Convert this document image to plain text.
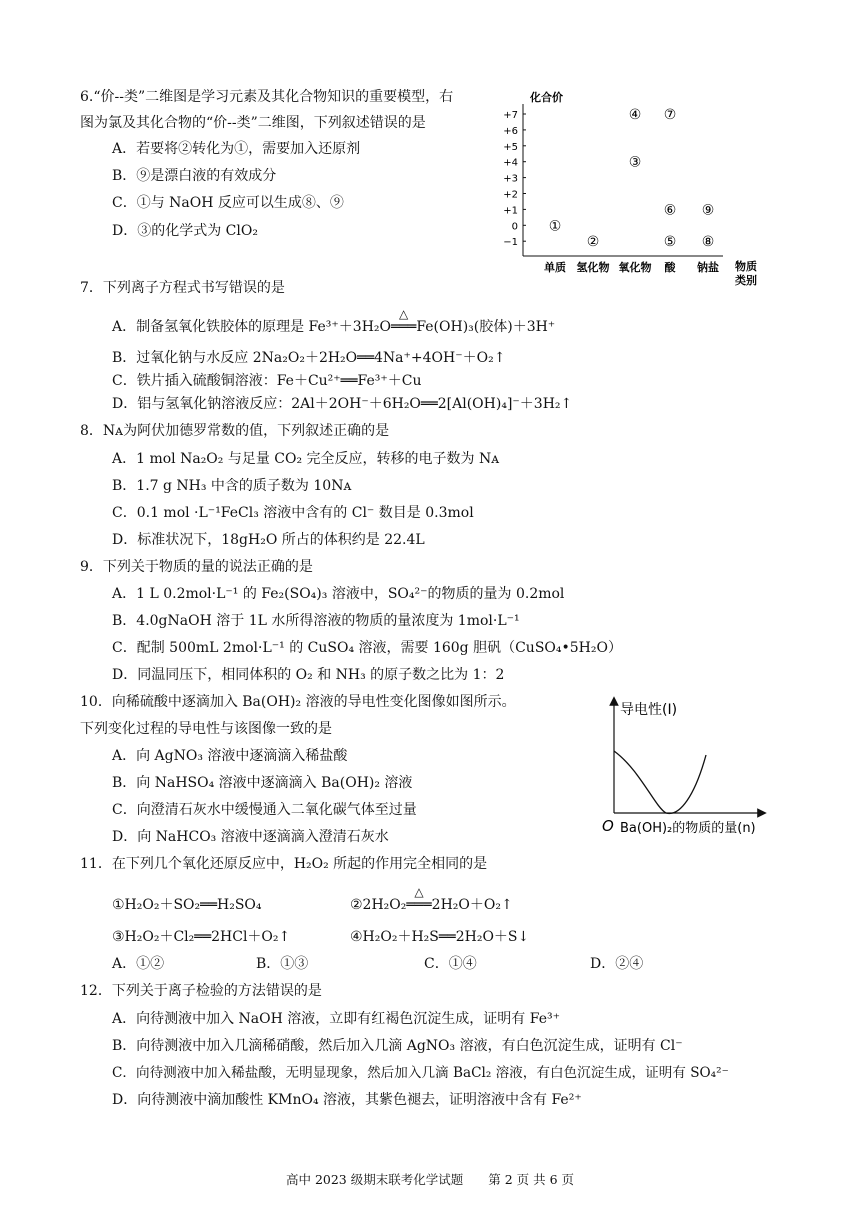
6.“价--类”二维图是学习元素及其化合物知识的重要模型，右
图为氯及其化合物的“价--类”二维图，下列叙述错误的是
A．若要将②转化为①，需要加入还原剂
B．⑨是漂白液的有效成分
C．①与 NaOH 反应可以生成⑧、⑨
D．③的化学式为 ClO₂
化合价
+7
+6
+5
+4
+3
+2
+1
0
−1
单质 氢化物 氧化物 酸 钠盐 物质类别
①
②
③
④
⑤
⑥
⑦
⑧
⑨
7．下列离子方程式书写错误的是
A．制备氢氧化铁胶体的原理是 Fe³⁺＋3H₂O
△
═══Fe(OH)₃(胶体)＋3H⁺
B．过氧化钠与水反应 2Na₂O₂＋2H₂O══4Na⁺+4OH⁻＋O₂↑
C．铁片插入硫酸铜溶液：Fe＋Cu²⁺══Fe³⁺＋Cu
D．铝与氢氧化钠溶液反应：2Al＋2OH⁻＋6H₂O══2[Al(OH)₄]⁻＋3H₂↑
8．Nᴀ为阿伏加德罗常数的值，下列叙述正确的是
A．1 mol Na₂O₂ 与足量 CO₂ 完全反应，转移的电子数为 Nᴀ
B．1.7 g NH₃ 中含的质子数为 10Nᴀ
C．0.1 mol ·L⁻¹FeCl₃ 溶液中含有的 Cl⁻ 数目是 0.3mol
D．标准状况下，18gH₂O 所占的体积约是 22.4L
9．下列关于物质的量的说法正确的是
A．1 L 0.2mol·L⁻¹ 的 Fe₂(SO₄)₃ 溶液中，SO₄²⁻的物质的量为 0.2mol
B．4.0gNaOH 溶于 1L 水所得溶液的物质的量浓度为 1mol·L⁻¹
C．配制 500mL 2mol·L⁻¹ 的 CuSO₄ 溶液，需要 160g 胆矾（CuSO₄•5H₂O）
D．同温同压下，相同体积的 O₂ 和 NH₃ 的原子数之比为 1：2
10．向稀硫酸中逐滴加入 Ba(OH)₂ 溶液的导电性变化图像如图所示。
下列变化过程的导电性与该图像一致的是
A．向 AgNO₃ 溶液中逐滴滴入稀盐酸
B．向 NaHSO₄ 溶液中逐滴滴入 Ba(OH)₂ 溶液
C．向澄清石灰水中缓慢通入二氧化碳气体至过量
D．向 NaHCO₃ 溶液中逐滴滴入澄清石灰水
导电性(I)
O Ba(OH)₂的物质的量(n)
11．在下列几个氧化还原反应中，H₂O₂ 所起的作用完全相同的是
①H₂O₂＋SO₂══H₂SO₄	②2H₂O₂
△
═══2H₂O＋O₂↑
③H₂O₂＋Cl₂══2HCl＋O₂↑	④H₂O₂＋H₂S══2H₂O＋S↓
A．①②	B．①③	C．①④	D．②④
12．下列关于离子检验的方法错误的是
A．向待测液中加入 NaOH 溶液，立即有红褐色沉淀生成，证明有 Fe³⁺
B．向待测液中加入几滴稀硝酸，然后加入几滴 AgNO₃ 溶液，有白色沉淀生成，证明有 Cl⁻
C．向待测液中加入稀盐酸，无明显现象，然后加入几滴 BaCl₂ 溶液，有白色沉淀生成，证明有 SO₄²⁻
D．向待测液中滴加酸性 KMnO₄ 溶液，其紫色褪去，证明溶液中含有 Fe²⁺
高中 2023 级期末联考化学试题　　第 2 页 共 6 页
